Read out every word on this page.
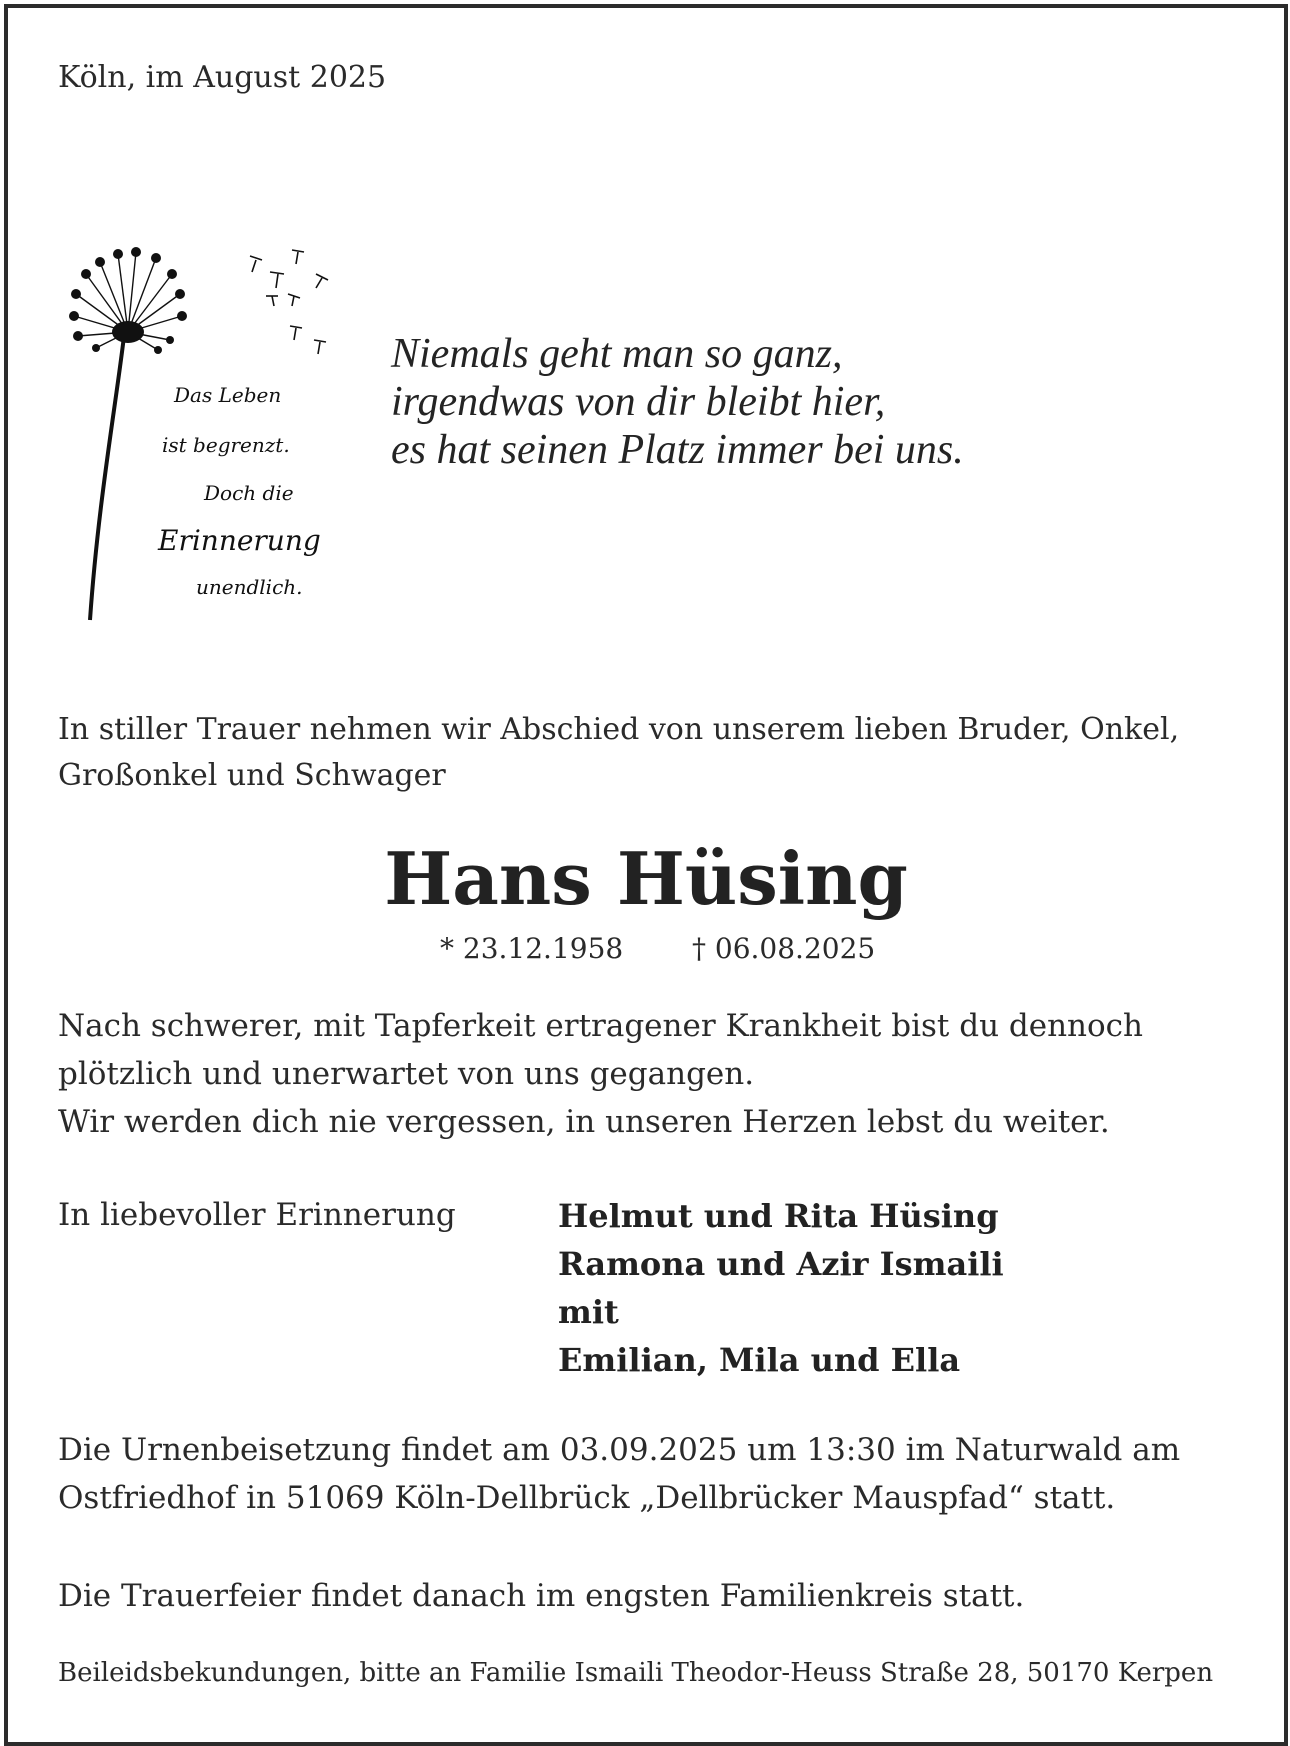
Köln, im August 2025
Das Leben
ist begrenzt.
Doch die
Erinnerung
unendlich.
Niemals geht man so ganz,
irgendwas von dir bleibt hier,
es hat seinen Platz immer bei uns.
In stiller Trauer nehmen wir Abschied von unserem lieben Bruder, Onkel,
Großonkel und Schwager
Hans Hüsing
* 23.12.1958 † 06.08.2025
Nach schwerer, mit Tapferkeit ertragener Krankheit bist du dennoch
plötzlich und unerwartet von uns gegangen.
Wir werden dich nie vergessen, in unseren Herzen lebst du weiter.
In liebevoller Erinnerung	Helmut und Rita Hüsing
Ramona und Azir Ismaili
mit
Emilian, Mila und Ella
Die Urnenbeisetzung findet am 03.09.2025 um 13:30 im Naturwald am
Ostfriedhof in 51069 Köln-Dellbrück „Dellbrücker Mauspfad“ statt.
Die Trauerfeier findet danach im engsten Familienkreis statt.
Beileidsbekundungen, bitte an Familie Ismaili Theodor-Heuss Straße 28, 50170 Kerpen
